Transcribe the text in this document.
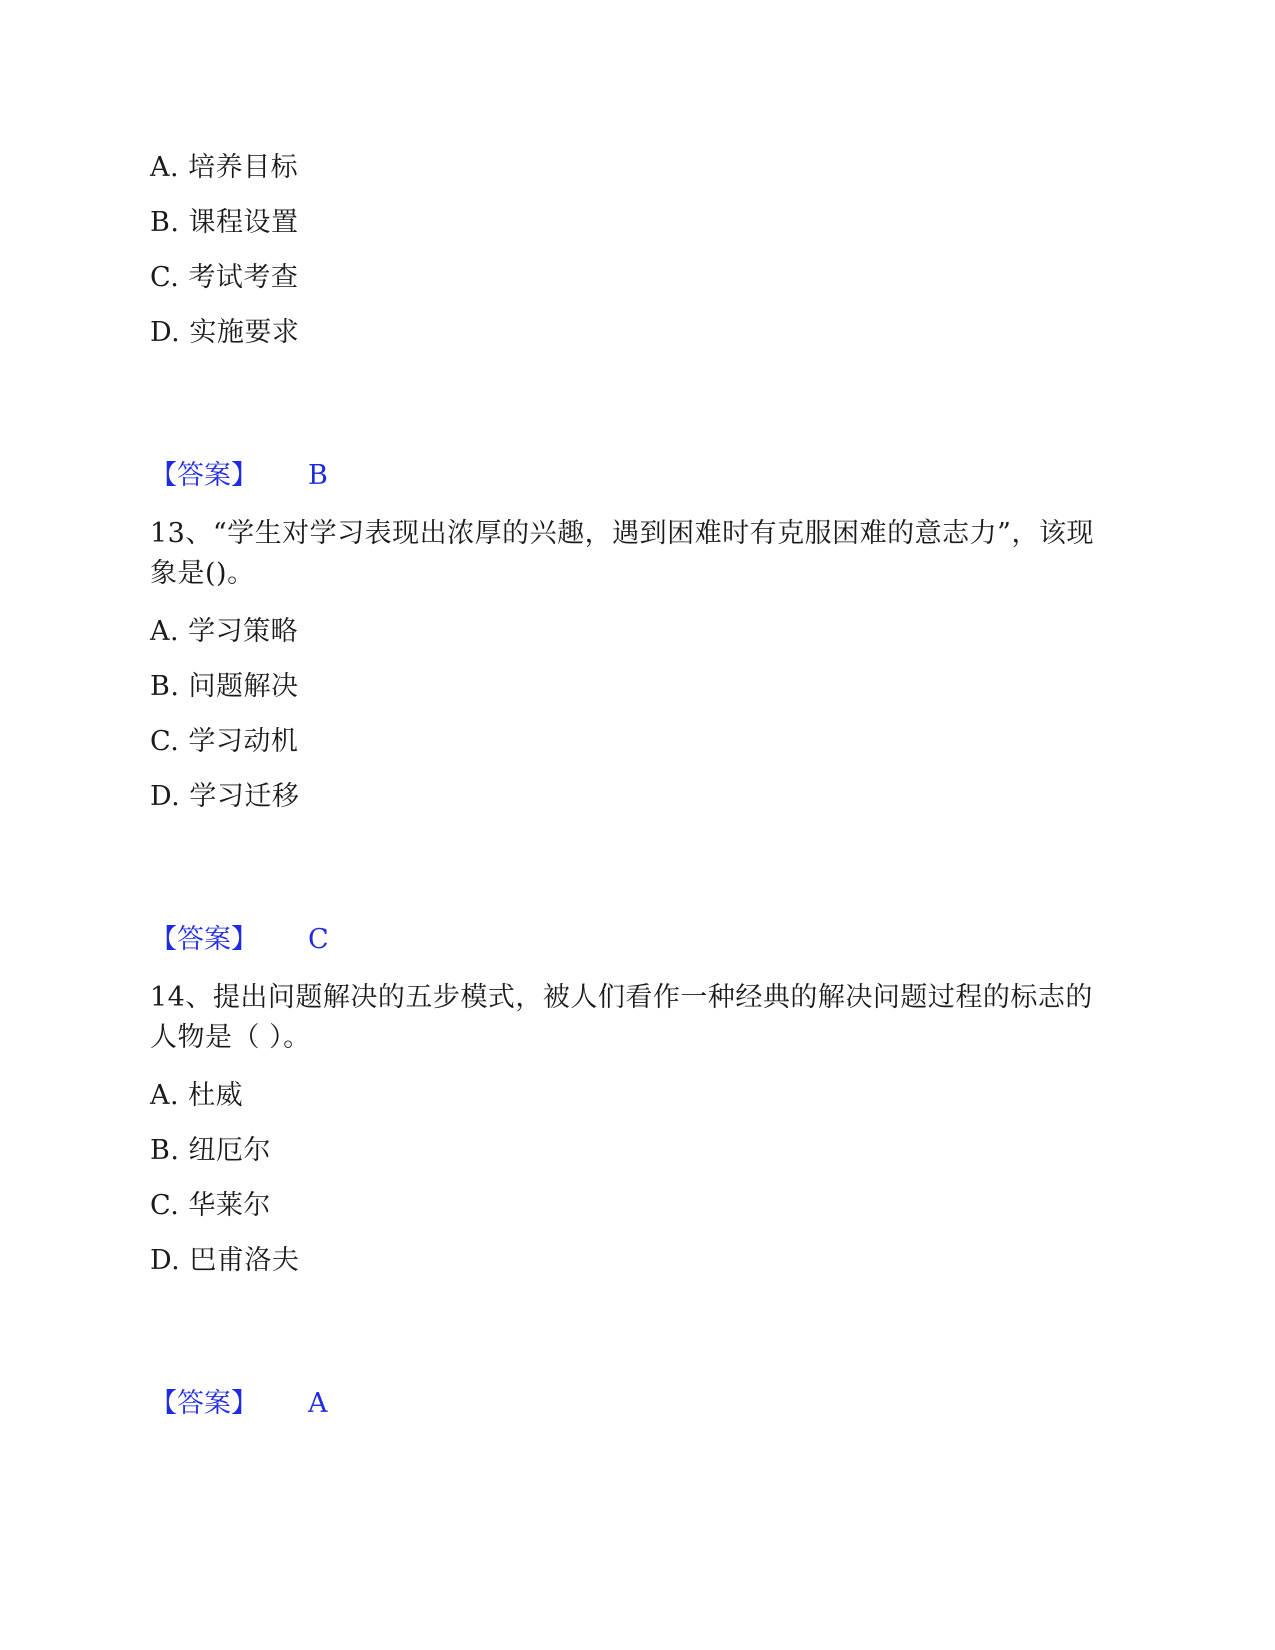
A. 培养目标
B. 课程设置
C. 考试考查
D. 实施要求
【答案】 B
13、“学生对学习表现出浓厚的兴趣，遇到困难时有克服困难的意志力”，该现象是()。
A. 学习策略
B. 问题解决
C. 学习动机
D. 学习迁移
【答案】 C
14、提出问题解决的五步模式，被人们看作一种经典的解决问题过程的标志的人物是（ ）。
A. 杜威
B. 纽厄尔
C. 华莱尔
D. 巴甫洛夫
【答案】 A
